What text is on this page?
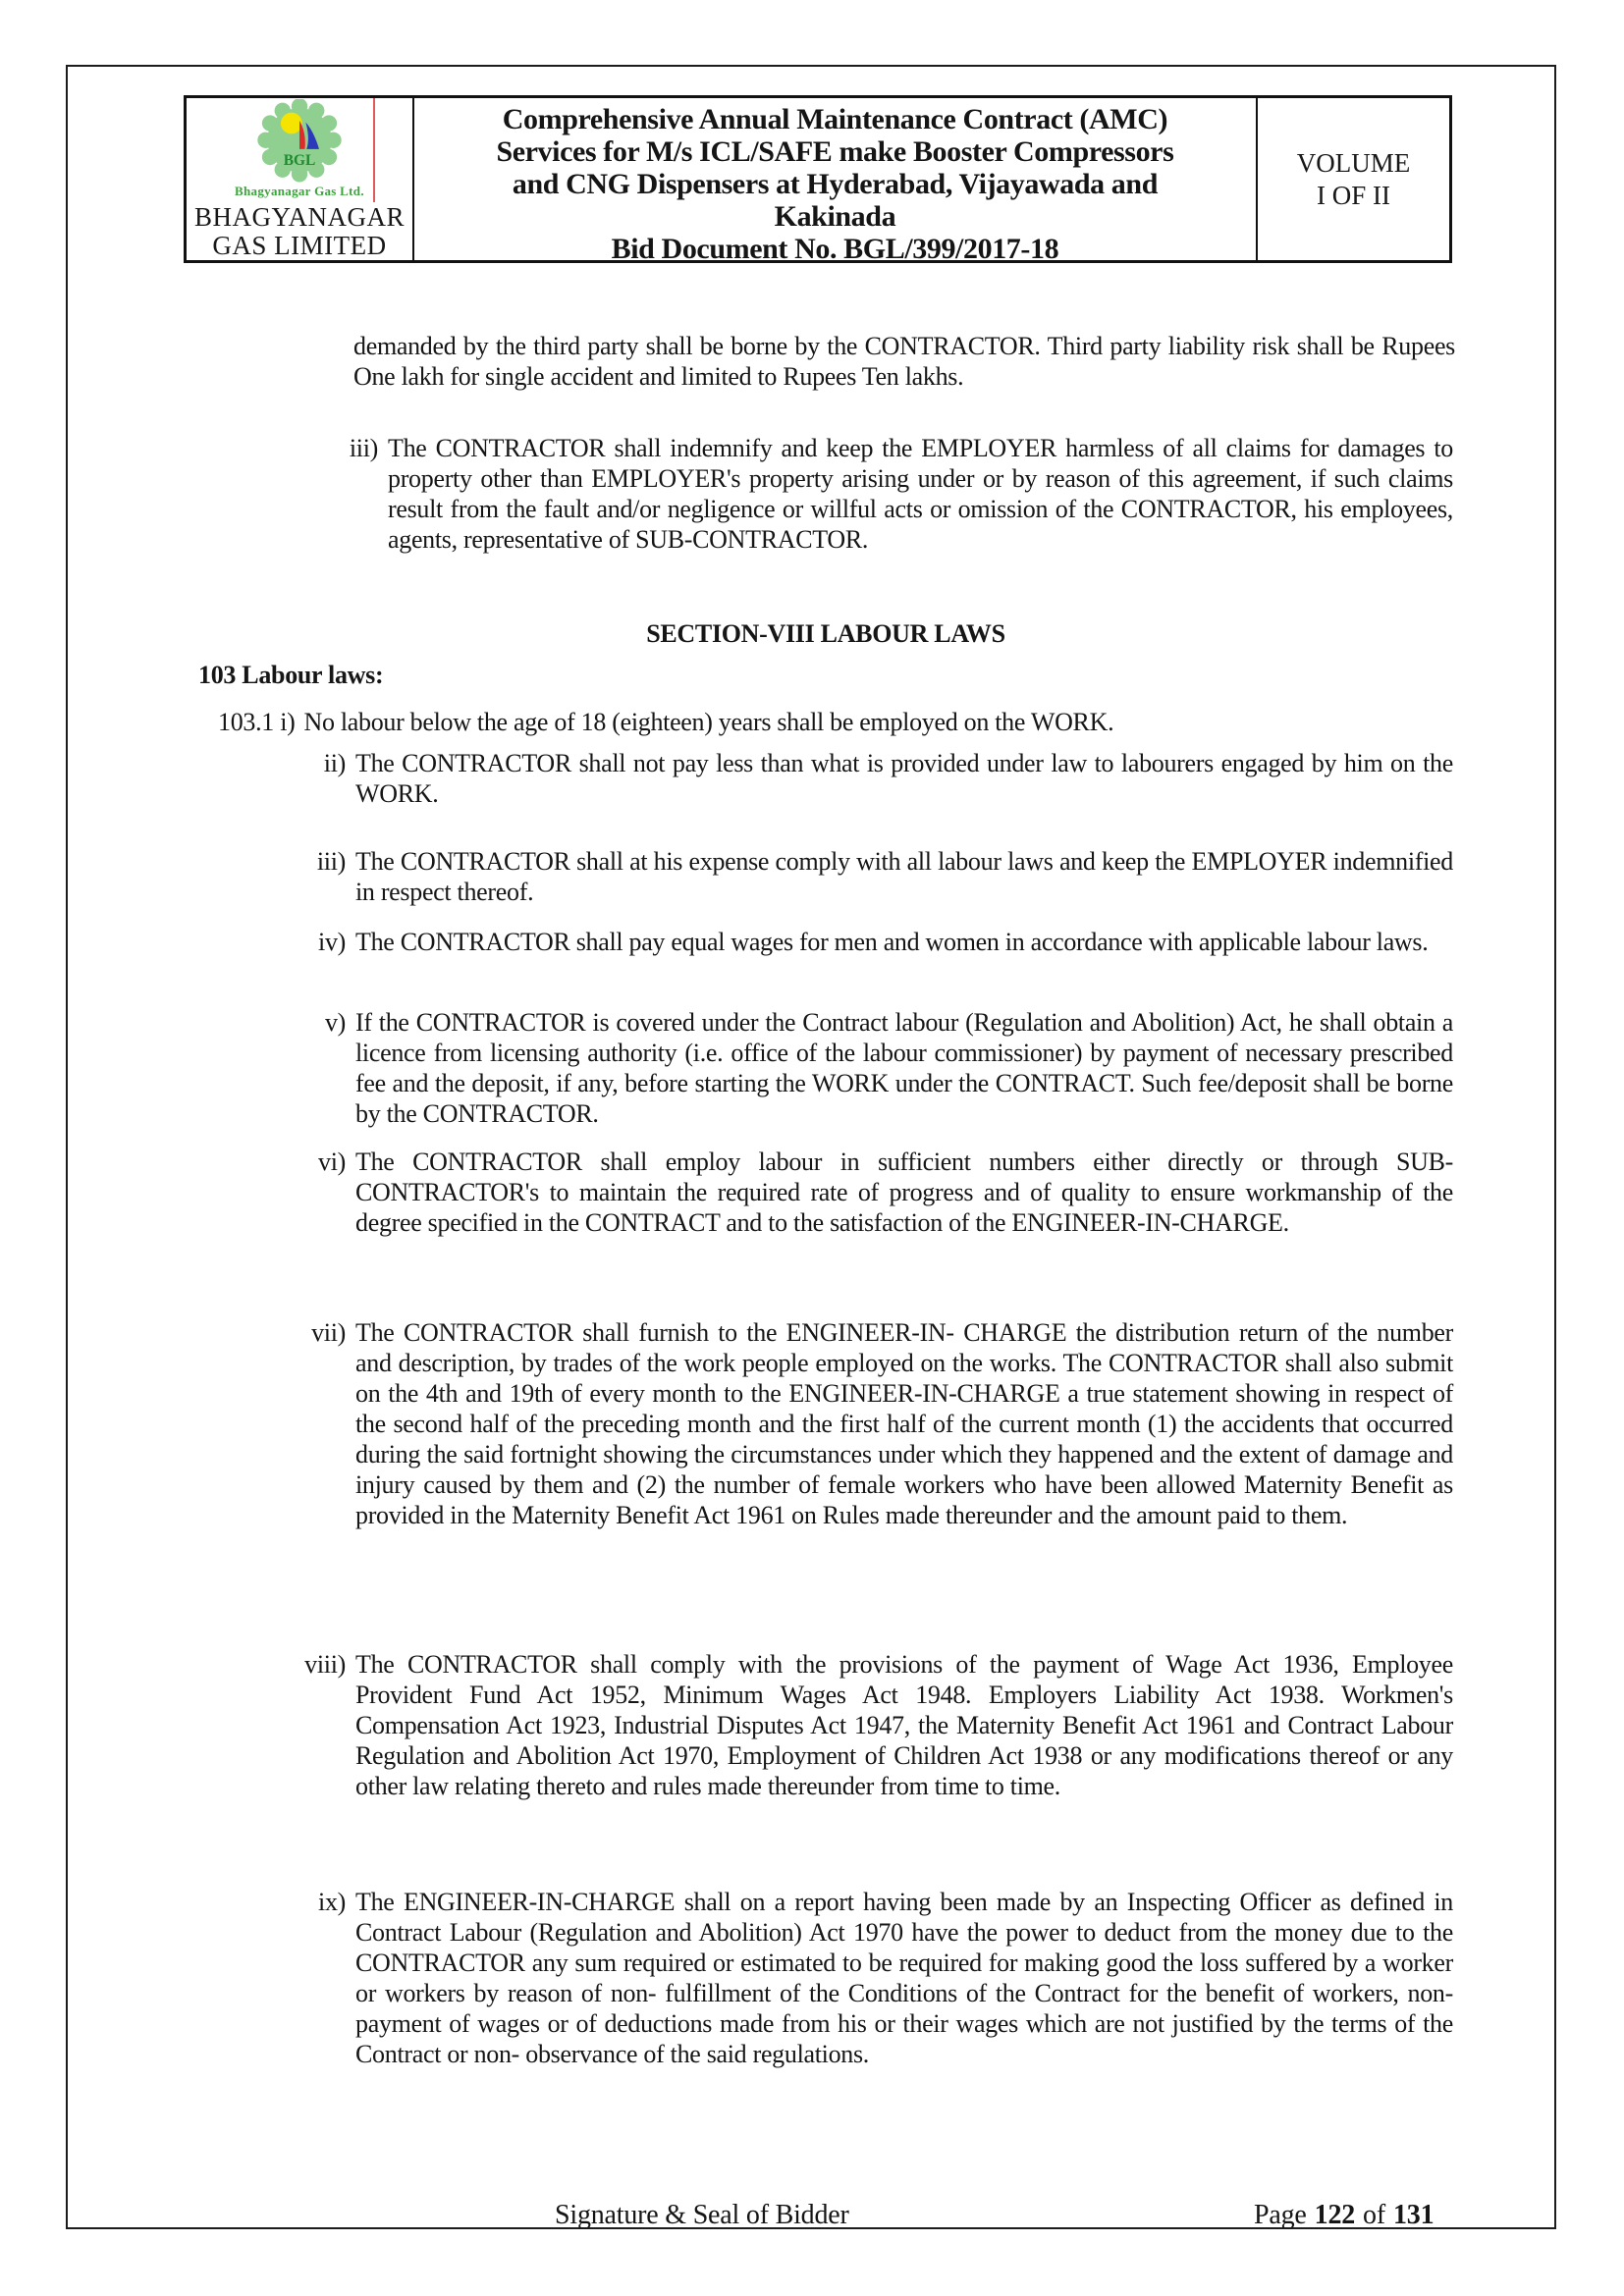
BGL
Bhagyanagar Gas Ltd.
BHAGYANAGAR
GAS LIMITED
Comprehensive Annual Maintenance Contract (AMC)
Services for M/s ICL/SAFE make Booster Compressors
and CNG Dispensers at Hyderabad, Vijayawada and
Kakinada
Bid Document No. BGL/399/2017-18
VOLUME
I OF II
demanded by the third party shall be borne by the CONTRACTOR. Third party liability risk shall be Rupees One lakh for single accident and limited to Rupees Ten lakhs.
iii) The CONTRACTOR shall indemnify and keep the EMPLOYER harmless of all claims for damages to property other than EMPLOYER's property arising under or by reason of this agreement, if such claims result from the fault and/or negligence or willful acts or omission of the CONTRACTOR, his employees, agents, representative of SUB-CONTRACTOR.
SECTION-VIII LABOUR LAWS
103 Labour laws:
103.1 i) No labour below the age of 18 (eighteen) years shall be employed on the WORK.
ii) The CONTRACTOR shall not pay less than what is provided under law to labourers engaged by him on the WORK.
iii) The CONTRACTOR shall at his expense comply with all labour laws and keep the EMPLOYER indemnified in respect thereof.
iv) The CONTRACTOR shall pay equal wages for men and women in accordance with applicable labour laws.
v) If the CONTRACTOR is covered under the Contract labour (Regulation and Abolition) Act, he shall obtain a licence from licensing authority (i.e. office of the labour commissioner) by payment of necessary prescribed fee and the deposit, if any, before starting the WORK under the CONTRACT. Such fee/deposit shall be borne by the CONTRACTOR.
vi) The CONTRACTOR shall employ labour in sufficient numbers either directly or through SUB- CONTRACTOR's to maintain the required rate of progress and of quality to ensure workmanship of the degree specified in the CONTRACT and to the satisfaction of the ENGINEER-IN-CHARGE.
vii) The CONTRACTOR shall furnish to the ENGINEER-IN- CHARGE the distribution return of the number and description, by trades of the work people employed on the works. The CONTRACTOR shall also submit on the 4th and 19th of every month to the ENGINEER-IN-CHARGE a true statement showing in respect of the second half of the preceding month and the first half of the current month (1) the accidents that occurred during the said fortnight showing the circumstances under which they happened and the extent of damage and injury caused by them and (2) the number of female workers who have been allowed Maternity Benefit as provided in the Maternity Benefit Act 1961 on Rules made thereunder and the amount paid to them.
viii) The CONTRACTOR shall comply with the provisions of the payment of Wage Act 1936, Employee Provident Fund Act 1952, Minimum Wages Act 1948. Employers Liability Act 1938. Workmen's Compensation Act 1923, Industrial Disputes Act 1947, the Maternity Benefit Act 1961 and Contract Labour Regulation and Abolition Act 1970, Employment of Children Act 1938 or any modifications thereof or any other law relating thereto and rules made thereunder from time to time.
ix) The ENGINEER-IN-CHARGE shall on a report having been made by an Inspecting Officer as defined in Contract Labour (Regulation and Abolition) Act 1970 have the power to deduct from the money due to the CONTRACTOR any sum required or estimated to be required for making good the loss suffered by a worker or workers by reason of non- fulfillment of the Conditions of the Contract for the benefit of workers, non-payment of wages or of deductions made from his or their wages which are not justified by the terms of the Contract or non- observance of the said regulations.
Signature & Seal of Bidder	Page 122 of 131
